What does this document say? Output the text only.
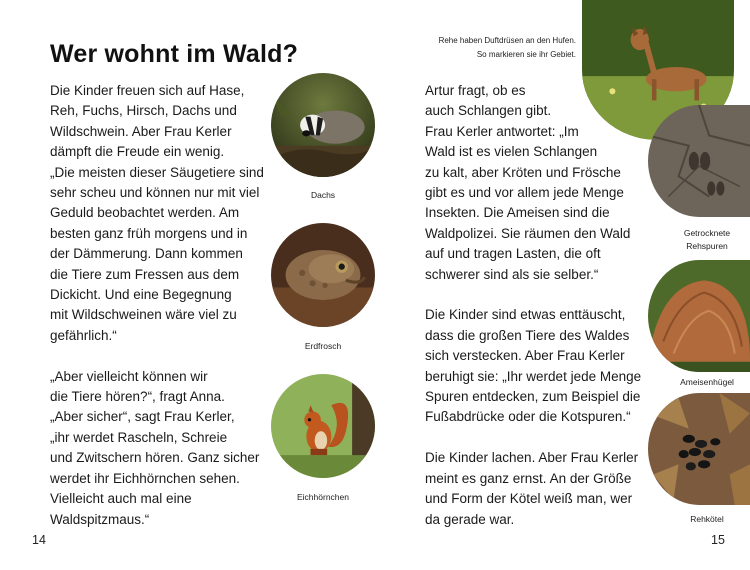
Wer wohnt im Wald?

Die Kinder freuen sich auf Hase,

Reh, Fuchs, Hirsch, Dachs und

Wildschwein. Aber Frau Kerler

dämpft die Freude ein wenig.

„Die meisten dieser Säugetiere sind

sehr scheu und können nur mit viel

Geduld beobachtet werden. Am

besten ganz früh morgens und in

der Dämmerung. Dann kommen

die Tiere zum Fressen aus dem

Dickicht. Und eine Begegnung

mit Wildschweinen wäre viel zu

gefährlich.“

„Aber vielleicht können wir

die Tiere hören?“, fragt Anna.

„Aber sicher“, sagt Frau Kerler,

„ihr werdet Rascheln, Schreie

und Zwitschern hören. Ganz sicher

werdet ihr Eichhörnchen sehen.

Vielleicht auch mal eine

Waldspitzmaus.“

Dachs
Erdfrosch
Eichhörnchen
14
Rehe haben Duftdrüsen an den Hufen.
So markieren sie ihr Gebiet.

Artur fragt, ob es

auch Schlangen gibt.

Frau Kerler antwortet: „Im

Wald ist es vielen Schlangen

zu kalt, aber Kröten und Frösche

gibt es und vor allem jede Menge

Insekten. Die Ameisen sind die

Waldpolizei. Sie räumen den Wald

auf und tragen Lasten, die oft

schwerer sind als sie selber.“

Die Kinder sind etwas enttäuscht,

dass die großen Tiere des Waldes

sich verstecken. Aber Frau Kerler

beruhigt sie: „Ihr werdet jede Menge

Spuren entdecken, zum Beispiel die

Fußabdrücke oder die Kotspuren.“

Die Kinder lachen. Aber Frau Kerler

meint es ganz ernst. An der Größe

und Form der Kötel weiß man, wer

da gerade war.

Getrocknete
Rehspuren
Ameisenhügel
Rehkötel
15
